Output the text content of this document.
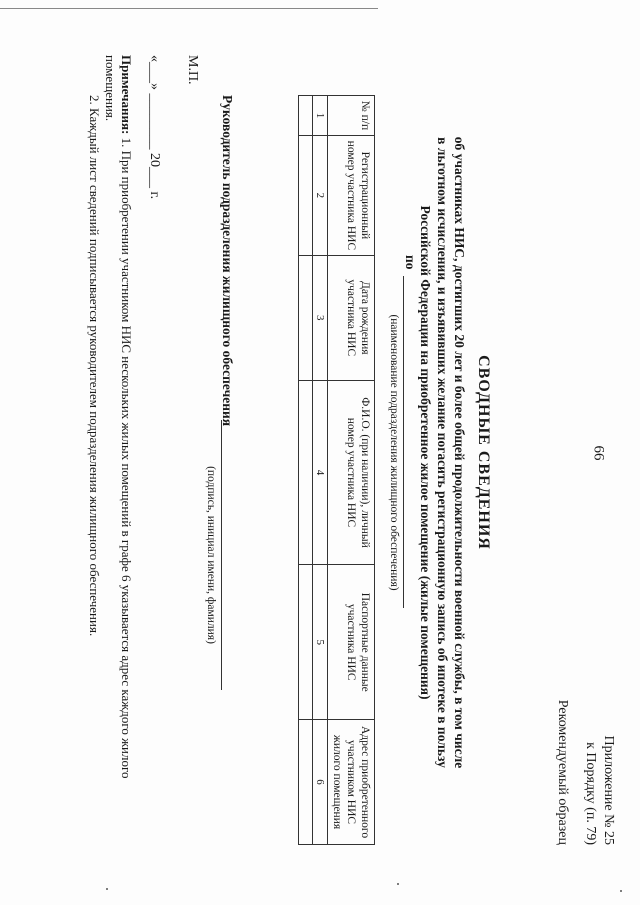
66
Приложение № 25
к Порядку (п. 79)
Рекомендуемый образец
СВОДНЫЕ СВЕДЕНИЯ
об участниках НИС, достигших 20 лет и более общей продолжительности военной службы, в том числе
в льготном исчислении, и изъявивших желание погасить регистрационную запись об ипотеке в пользу
Российской Федерации на приобретенное жилое помещение (жилые помещения)
по
(наименование подразделения жилищного обеспечения)
№ п/п	Регистрационный номер участника НИС	Дата рождения участника НИС	Ф.И.О. (при наличии), личный номер участника НИС	Паспортные данные участника НИС	Адрес приобретенного участником НИС жилого помещения
1	2	3	4	5	6

Руководитель подразделения жилищного обеспечения
(подпись, инициал имени, фамилия)
М.П.
«___» ________ 20___ г.
Примечания: 1. При приобретении участником НИС нескольких жилых помещений в графе 6 указывается адрес каждого жилого помещения.
2. Каждый лист сведений подписывается руководителем подразделения жилищного обеспечения.
